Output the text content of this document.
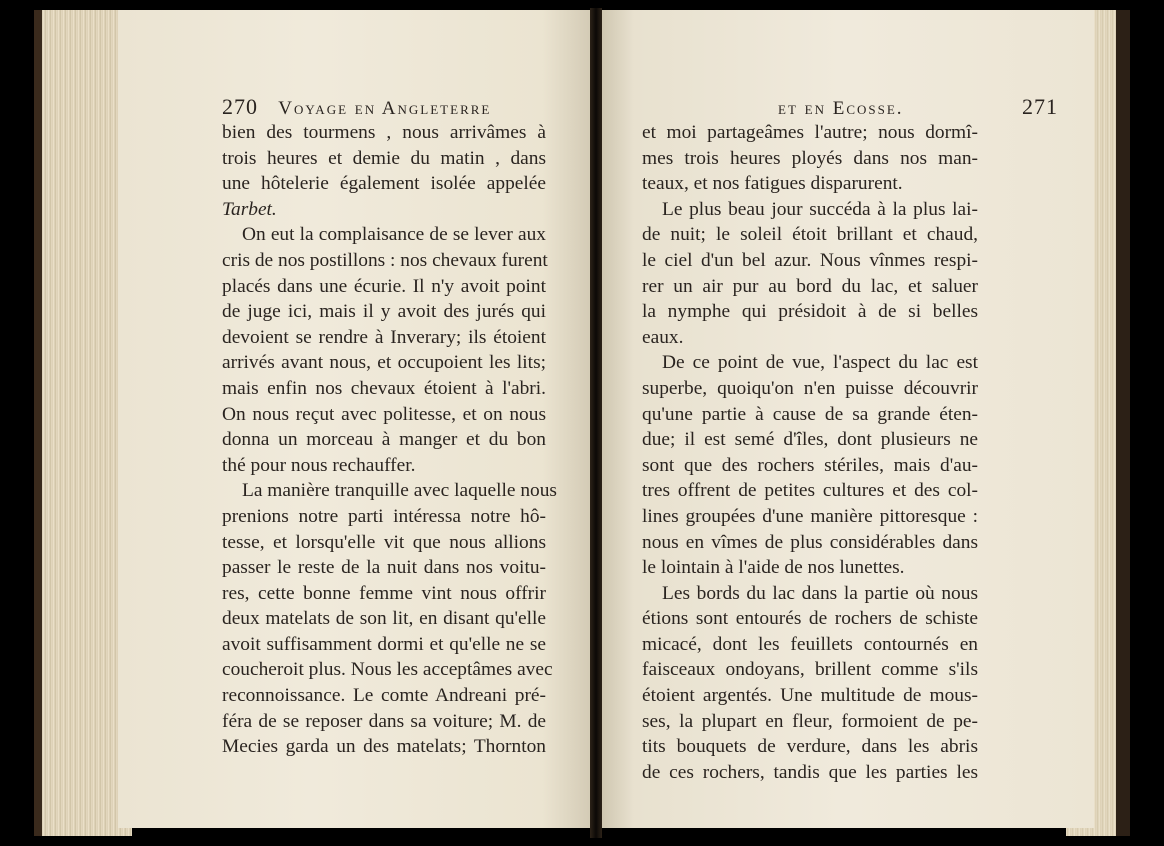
270 Voyage en Angleterre
bien des tourmens , nous arrivâmes à
trois heures et demie du matin , dans
une hôtelerie également isolée appelée
Tarbet.
On eut la complaisance de se lever aux
cris de nos postillons : nos chevaux furent
placés dans une écurie. Il n'y avoit point
de juge ici, mais il y avoit des jurés qui
devoient se rendre à Inverary; ils étoient
arrivés avant nous, et occupoient les lits;
mais enfin nos chevaux étoient à l'abri.
On nous reçut avec politesse, et on nous
donna un morceau à manger et du bon
thé pour nous rechauffer.
La manière tranquille avec laquelle nous
prenions notre parti intéressa notre hô-
tesse, et lorsqu'elle vit que nous allions
passer le reste de la nuit dans nos voitu-
res, cette bonne femme vint nous offrir
deux matelats de son lit, en disant qu'elle
avoit suffisamment dormi et qu'elle ne se
coucheroit plus. Nous les acceptâmes avec
reconnoissance. Le comte Andreani pré-
féra de se reposer dans sa voiture; M. de
Mecies garda un des matelats; Thornton
et en Ecosse.	271
et moi partageâmes l'autre; nous dormî-
mes trois heures ployés dans nos man-
teaux, et nos fatigues disparurent.
Le plus beau jour succéda à la plus lai-
de nuit; le soleil étoit brillant et chaud,
le ciel d'un bel azur. Nous vînmes respi-
rer un air pur au bord du lac, et saluer
la nymphe qui présidoit à de si belles
eaux.
De ce point de vue, l'aspect du lac est
superbe, quoiqu'on n'en puisse découvrir
qu'une partie à cause de sa grande éten-
due; il est semé d'îles, dont plusieurs ne
sont que des rochers stériles, mais d'au-
tres offrent de petites cultures et des col-
lines groupées d'une manière pittoresque :
nous en vîmes de plus considérables dans
le lointain à l'aide de nos lunettes.
Les bords du lac dans la partie où nous
étions sont entourés de rochers de schiste
micacé, dont les feuillets contournés en
faisceaux ondoyans, brillent comme s'ils
étoient argentés. Une multitude de mous-
ses, la plupart en fleur, formoient de pe-
tits bouquets de verdure, dans les abris
de ces rochers, tandis que les parties les
